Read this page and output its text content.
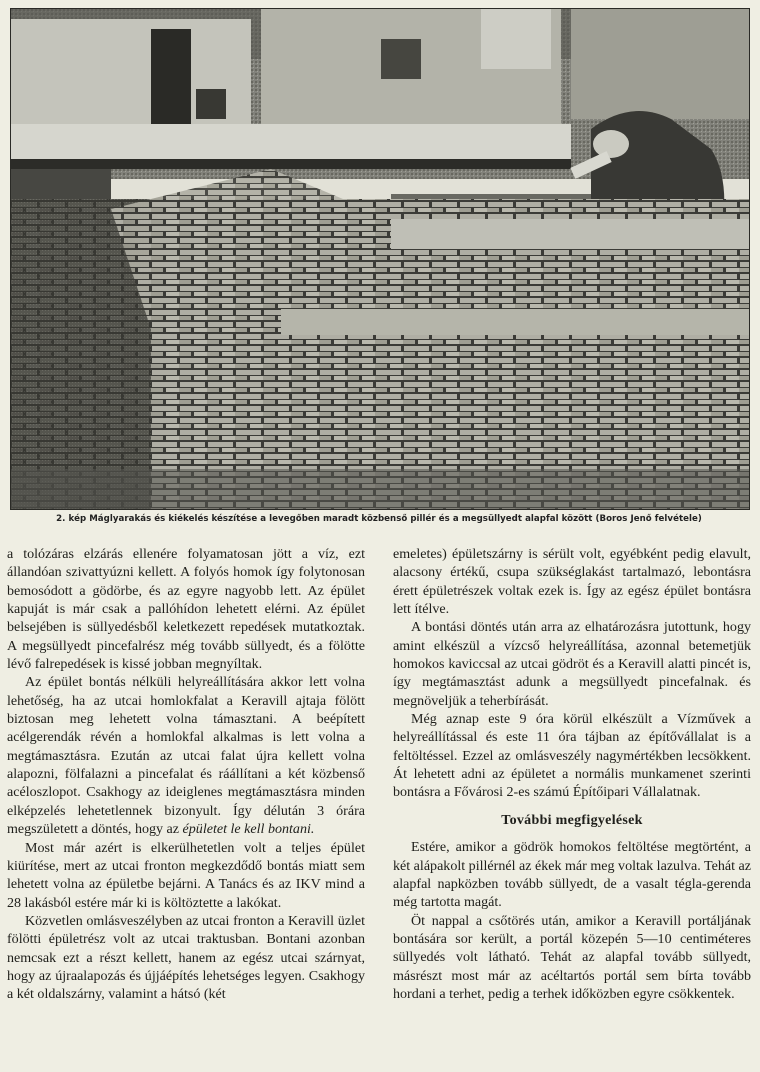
2. kép Máglyarakás és kiékelés készítése a levegőben maradt közbenső pillér és a megsüllyedt alapfal között (Boros Jenő felvétele)

a tolózáras elzárás ellenére folyamatosan jött a víz, ezt állandóan szivattyúzni kellett. A folyós homok így folytonosan bemosódott a gödörbe, és az egyre nagyobb lett. Az épület kapuját is már csak a pallóhídon lehetett elérni. Az épület belsejében is süllyedésből keletkezett repedések mutatkoztak. A megsüllyedt pincefalrész még tovább süllyedt, és a fölötte lévő falrepedések is kissé jobban megnyíltak.

Az épület bontás nélküli helyreállítására akkor lett volna lehetőség, ha az utcai homlokfalat a Keravill ajtaja fölött biztosan meg lehetett volna támasztani. A beépített acélgerendák révén a homlokfal alkalmas is lett volna a megtámasztásra. Ezután az utcai falat újra kellett volna alapozni, fölfalazni a pincefalat és ráállítani a két közbenső acéloszlopot. Csakhogy az ideiglenes megtámasztásra minden elképzelés lehetetlennek bizonyult. Így délután 3 órára megszületett a döntés, hogy az épületet le kell bontani.

Most már azért is elkerülhetetlen volt a teljes épület kiürítése, mert az utcai fronton megkezdődő bontás miatt sem lehetett volna az épületbe bejárni. A Tanács és az IKV mind a 28 lakásból estére már ki is költöztette a lakókat.

Közvetlen omlásveszélyben az utcai fronton a Keravill üzlet fölötti épületrész volt az utcai traktusban. Bontani azonban nemcsak ezt a részt kellett, hanem az egész utcai szárnyat, hogy az újraalapozás és újjáépítés lehetséges legyen. Csakhogy a két oldalszárny, valamint a hátsó (két

emeletes) épületszárny is sérült volt, egyébként pedig elavult, alacsony értékű, csupa szükséglakást tartalmazó, lebontásra érett épületrészek voltak ezek is. Így az egész épület bontásra lett ítélve.

A bontási döntés után arra az elhatározásra jutottunk, hogy amint elkészül a vízcső helyreállítása, azonnal betemetjük homokos kaviccsal az utcai gödröt és a Keravill alatti pincét is, így megtámasztást adunk a megsüllyedt pincefalnak. és megnöveljük a teherbírását.

Még aznap este 9 óra körül elkészült a Vízművek a helyreállítással és este 11 óra tájban az építővállalat is a feltöltéssel. Ezzel az omlásveszély nagymértékben lecsökkent. Át lehetett adni az épületet a normális munkamenet szerinti bontásra a Fővárosi 2-es számú Építőipari Vállalatnak.

További megfigyelések

Estére, amikor a gödrök homokos feltöltése megtörtént, a két alápakolt pillérnél az ékek már meg voltak lazulva. Tehát az alapfal napközben tovább süllyedt, de a vasalt tégla-gerenda még tartotta magát.

Öt nappal a csőtörés után, amikor a Keravill portáljának bontására sor került, a portál közepén 5—10 centiméteres süllyedés volt látható. Tehát az alapfal tovább süllyedt, másrészt most már az acéltartós portál sem bírta tovább hordani a terhet, pedig a terhek időközben egyre csökkentek.
